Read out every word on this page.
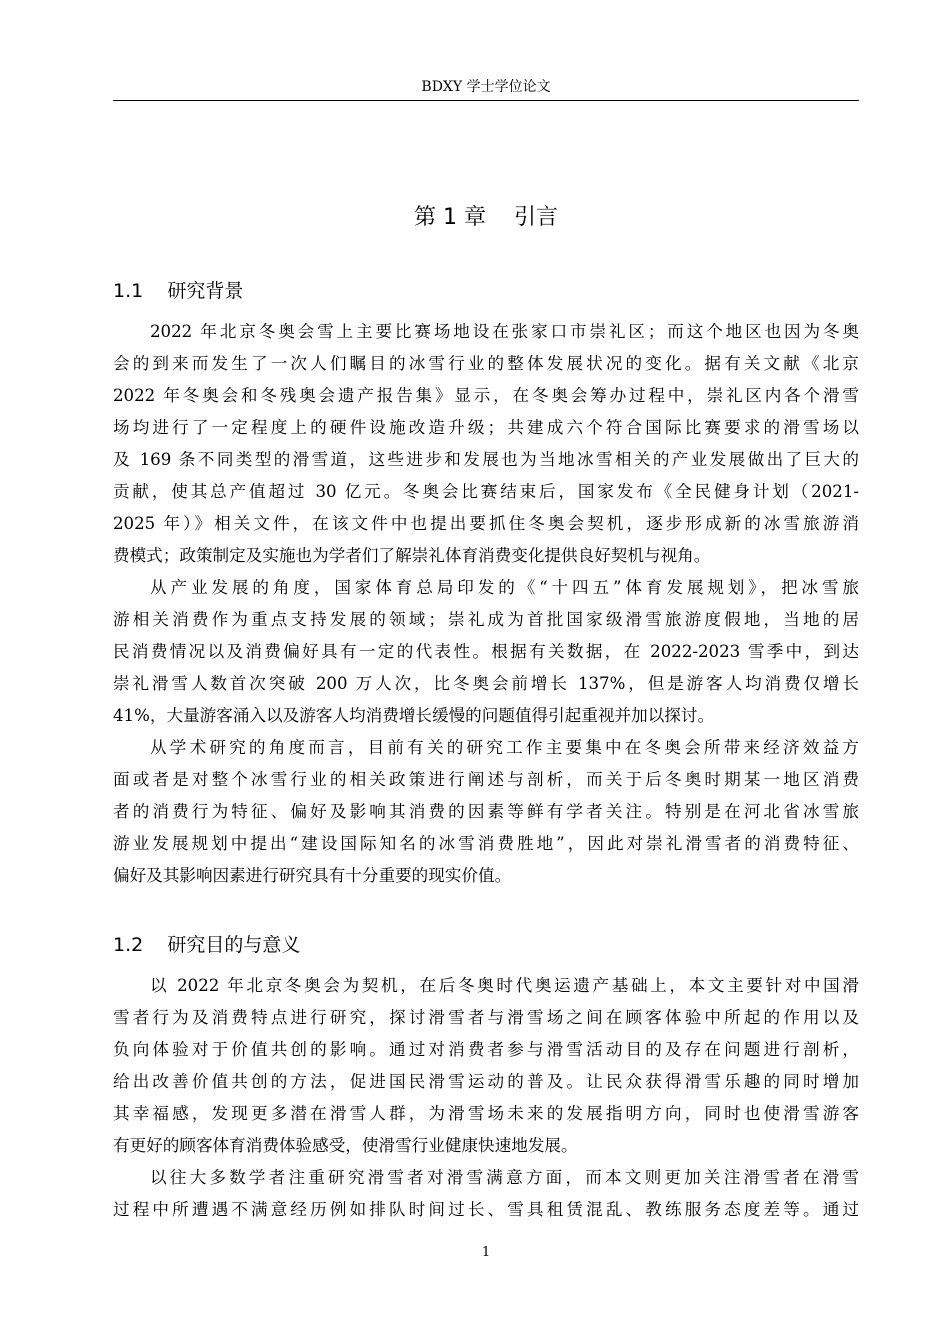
BDXY 学士学位论文
第 1 章    引言
1.1    研究背景
2022 年北京冬奥会雪上主要比赛场地设在张家口市崇礼区；而这个地区也因为冬奥
会的到来而发生了一次人们瞩目的冰雪行业的整体发展状况的变化。据有关文献《北京
2022 年冬奥会和冬残奥会遗产报告集》显示，在冬奥会筹办过程中，崇礼区内各个滑雪
场均进行了一定程度上的硬件设施改造升级；共建成六个符合国际比赛要求的滑雪场以
及 169 条不同类型的滑雪道，这些进步和发展也为当地冰雪相关的产业发展做出了巨大的
贡献，使其总产值超过 30 亿元。冬奥会比赛结束后，国家发布《全民健身计划（2021-
2025 年）》相关文件，在该文件中也提出要抓住冬奥会契机，逐步形成新的冰雪旅游消
费模式；政策制定及实施也为学者们了解崇礼体育消费变化提供良好契机与视角。
从产业发展的角度，国家体育总局印发的《“十四五”体育发展规划》，把冰雪旅
游相关消费作为重点支持发展的领域；崇礼成为首批国家级滑雪旅游度假地，当地的居
民消费情况以及消费偏好具有一定的代表性。根据有关数据，在 2022-2023 雪季中，到达
崇礼滑雪人数首次突破 200 万人次，比冬奥会前增长 137%，但是游客人均消费仅增长
41%，大量游客涌入以及游客人均消费增长缓慢的问题值得引起重视并加以探讨。
从学术研究的角度而言，目前有关的研究工作主要集中在冬奥会所带来经济效益方
面或者是对整个冰雪行业的相关政策进行阐述与剖析，而关于后冬奥时期某一地区消费
者的消费行为特征、偏好及影响其消费的因素等鲜有学者关注。特别是在河北省冰雪旅
游业发展规划中提出“建设国际知名的冰雪消费胜地”，因此对崇礼滑雪者的消费特征、
偏好及其影响因素进行研究具有十分重要的现实价值。
1.2    研究目的与意义
以 2022 年北京冬奥会为契机，在后冬奥时代奥运遗产基础上，本文主要针对中国滑
雪者行为及消费特点进行研究，探讨滑雪者与滑雪场之间在顾客体验中所起的作用以及
负向体验对于价值共创的影响。通过对消费者参与滑雪活动目的及存在问题进行剖析，
给出改善价值共创的方法，促进国民滑雪运动的普及。让民众获得滑雪乐趣的同时增加
其幸福感，发现更多潜在滑雪人群，为滑雪场未来的发展指明方向，同时也使滑雪游客
有更好的顾客体育消费体验感受，使滑雪行业健康快速地发展。
以往大多数学者注重研究滑雪者对滑雪满意方面，而本文则更加关注滑雪者在滑雪
过程中所遭遇不满意经历例如排队时间过长、雪具租赁混乱、教练服务态度差等。通过
1
